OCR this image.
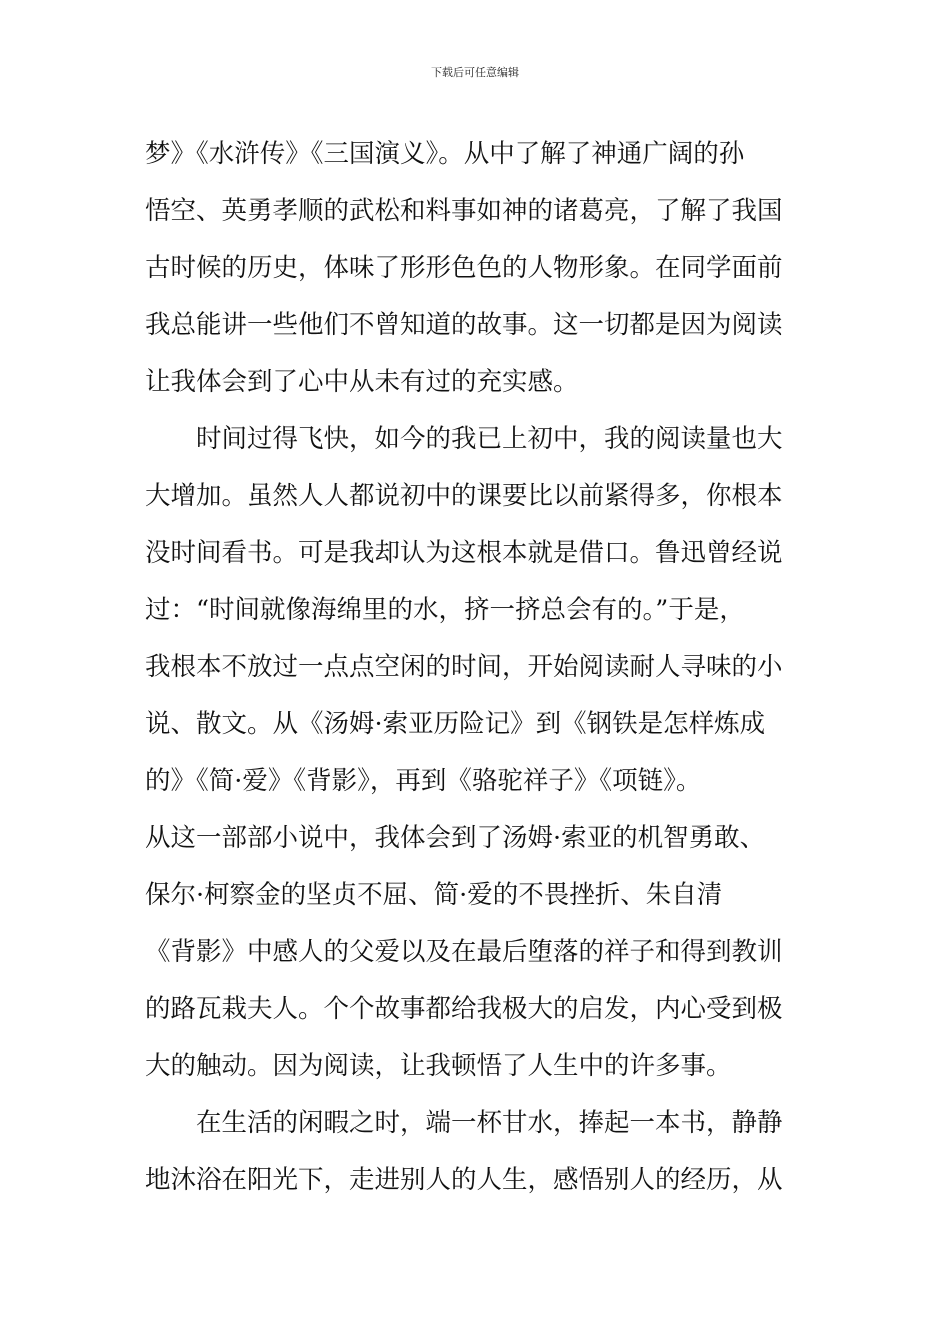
下载后可任意编辑
梦》《水浒传》《三国演义》。从中了解了神通广阔的孙
悟空、英勇孝顺的武松和料事如神的诸葛亮，了解了我国
古时候的历史，体味了形形色色的人物形象。在同学面前
我总能讲一些他们不曾知道的故事。这一切都是因为阅读
让我体会到了心中从未有过的充实感。
时间过得飞快，如今的我已上初中，我的阅读量也大
大增加。虽然人人都说初中的课要比以前紧得多，你根本
没时间看书。可是我却认为这根本就是借口。鲁迅曾经说
过：“时间就像海绵里的水，挤一挤总会有的。”于是，
我根本不放过一点点空闲的时间，开始阅读耐人寻味的小
说、散文。从《汤姆·索亚历险记》到《钢铁是怎样炼成
的》《简·爱》《背影》，再到《骆驼祥子》《项链》。
从这一部部小说中，我体会到了汤姆·索亚的机智勇敢、
保尔·柯察金的坚贞不屈、简·爱的不畏挫折、朱自清
《背影》中感人的父爱以及在最后堕落的祥子和得到教训
的路瓦栽夫人。个个故事都给我极大的启发，内心受到极
大的触动。因为阅读，让我顿悟了人生中的许多事。
在生活的闲暇之时，端一杯甘水，捧起一本书，静静
地沐浴在阳光下，走进别人的人生，感悟别人的经历，从
